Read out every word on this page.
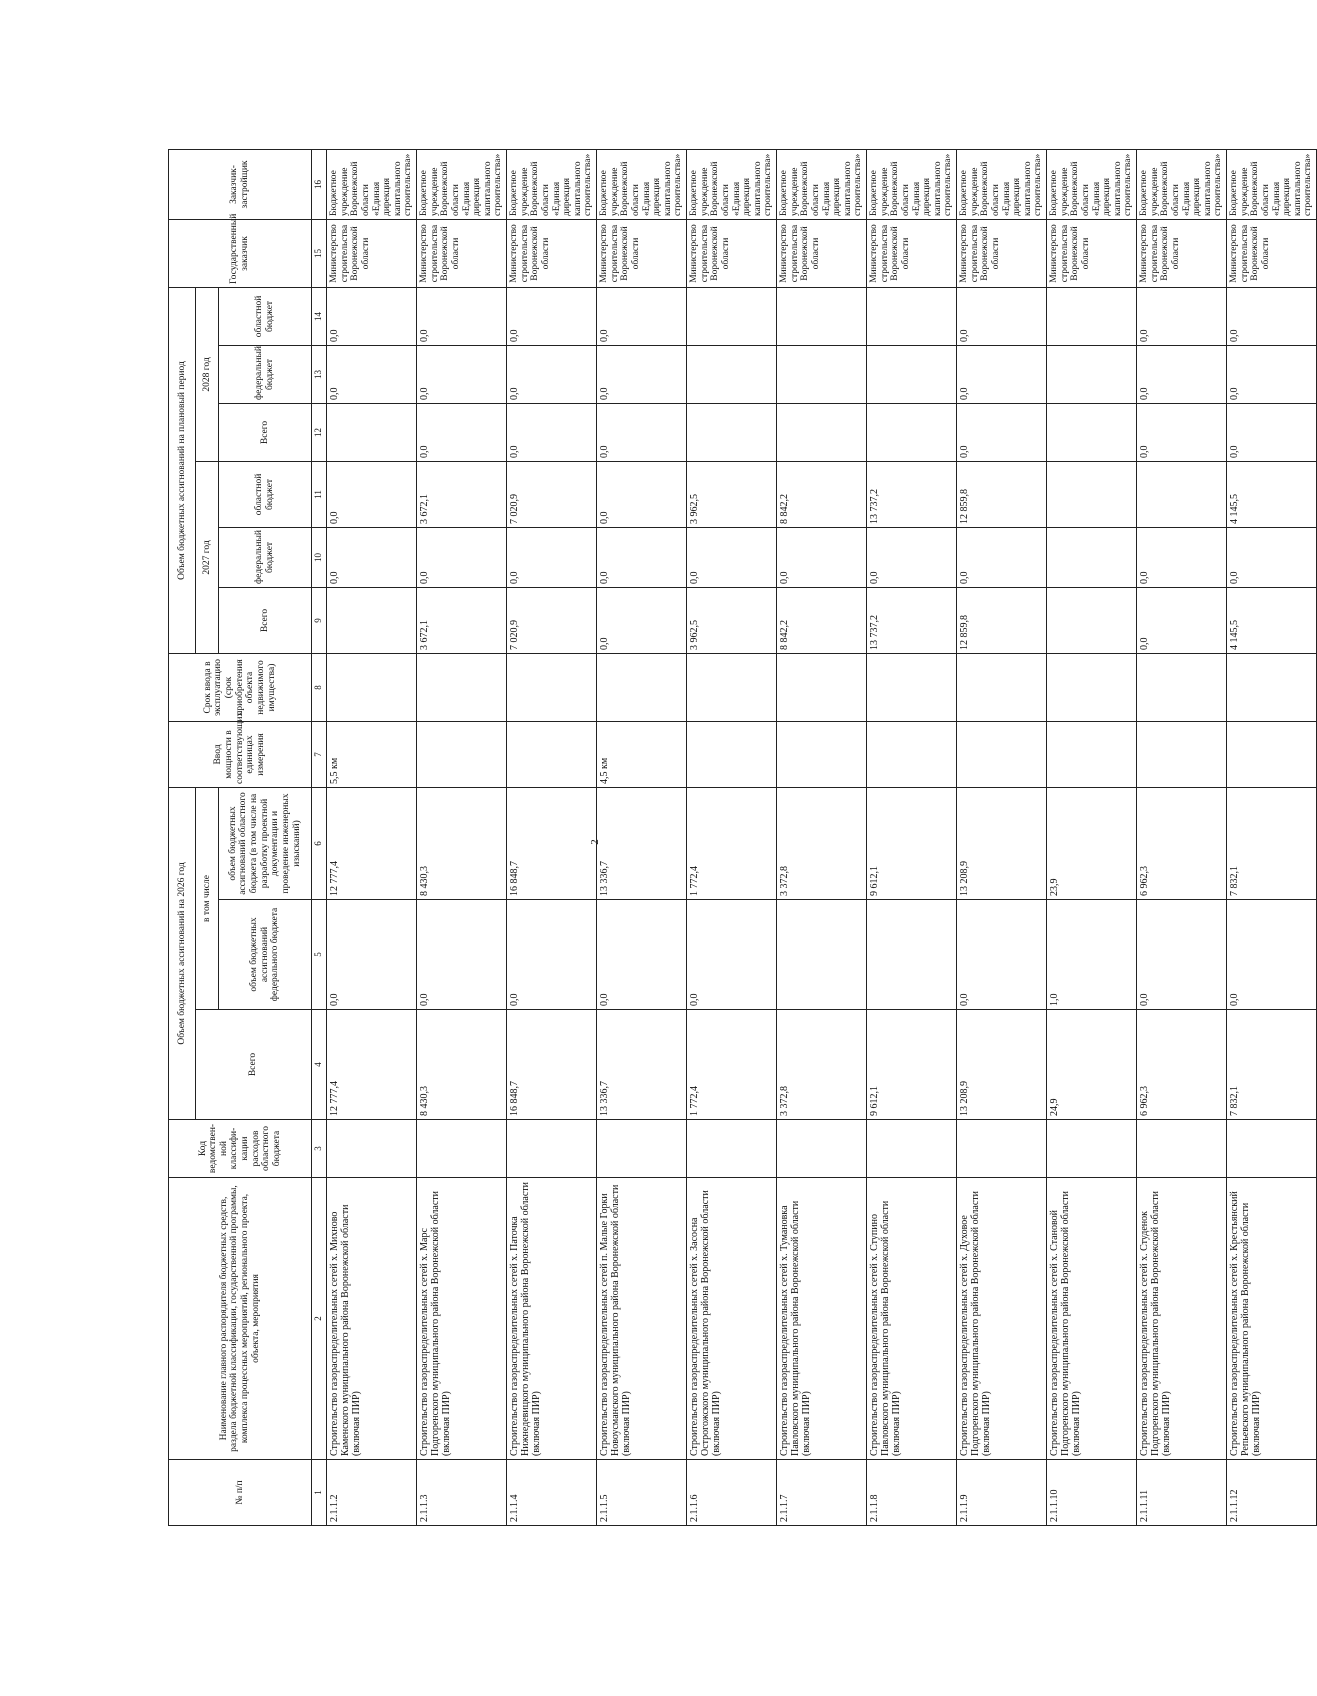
2
№ п/п	Наименование главного распорядителя бюджетных средств, раздела бюджетной классификации, государственной программы, комплекса процессных мероприятий, регионального проекта, объекта, мероприятия	Код ведомствен-ной классифи-кации расходов областного бюджета	Объем бюджетных ассигнований на 2026 год			Ввод мощности в соответствующих единицах измерения	Срок ввода в эксплуатацию (срок приобретения объекта недвижимого имущества)	Объем бюджетных ассигнований на плановый период						Государственный заказчик	Заказчик-застройщик
			Всего	в том числе				2027 год			2028 год				
				объем бюджетных ассигнований федерального бюджета	объем бюджетных ассигнований областного бюджета (в том числе на разработку проектной документации и проведение инженерных изысканий)			Всего	федеральный бюджет	областной бюджет	Всего	федеральный бюджет	областной бюджет		
1	2	3	4	5	6	7	8	9	10	11	12	13	14	15	16
2.1.1.2	Строительство газораспределительных сетей х. Михново Каменского муниципального района Воронежской области (включая ПИР)		12 777,4	0,0	12 777,4	5,5 км			0,0	0,0		0,0	0,0	Министерство строительства Воронежской области	Бюджетное учреждение Воронежской области «Единая дирекция капитального строительства»
2.1.1.3	Строительство газораспределительных сетей х. Марс Подгоренского муниципального района Воронежской области (включая ПИР)		8 430,3	0,0	8 430,3			3 672,1	0,0	3 672,1	0,0	0,0	0,0	Министерство строительства Воронежской области	Бюджетное учреждение Воронежской области «Единая дирекция капитального строительства»
2.1.1.4	Строительство газораспределительных сетей х. Паточка Нижнедевицкого муниципального района Воронежской области (включая ПИР)		16 848,7	0,0	16 848,7			7 020,9	0,0	7 020,9	0,0	0,0	0,0	Министерство строительства Воронежской области	Бюджетное учреждение Воронежской области «Единая дирекция капитального строительства»
2.1.1.5	Строительство газораспределительных сетей п. Малые Горки Новоусманского муниципального района Воронежской области (включая ПИР)		13 336,7	0,0	13 336,7	4,5 км		0,0	0,0	0,0	0,0	0,0	0,0	Министерство строительства Воронежской области	Бюджетное учреждение Воронежской области «Единая дирекция капитального строительства»
2.1.1.6	Строительство газораспределительных сетей х. Засосна Острогожского муниципального района Воронежской области (включая ПИР)		1 772,4	0,0	1 772,4			3 962,5	0,0	3 962,5				Министерство строительства Воронежской области	Бюджетное учреждение Воронежской области «Единая дирекция капитального строительства»
2.1.1.7	Строительство газораспределительных сетей х. Тумановка Павловского муниципального района Воронежской области (включая ПИР)		3 372,8		3 372,8			8 842,2	0,0	8 842,2				Министерство строительства Воронежской области	Бюджетное учреждение Воронежской области «Единая дирекция капитального строительства»
2.1.1.8	Строительство газораспределительных сетей х. Ступино Павловского муниципального района Воронежской области (включая ПИР)		9 612,1		9 612,1			13 737,2	0,0	13 737,2				Министерство строительства Воронежской области	Бюджетное учреждение Воронежской области «Единая дирекция капитального строительства»
2.1.1.9	Строительство газораспределительных сетей х. Духовое Подгоренского муниципального района Воронежской области (включая ПИР)		13 208,9	0,0	13 208,9			12 859,8	0,0	12 859,8	0,0	0,0	0,0	Министерство строительства Воронежской области	Бюджетное учреждение Воронежской области «Единая дирекция капитального строительства»
2.1.1.10	Строительство газораспределительных сетей х. Становой Подгоренского муниципального района Воронежской области (включая ПИР)		24,9	1,0	23,9									Министерство строительства Воронежской области	Бюджетное учреждение Воронежской области «Единая дирекция капитального строительства»
2.1.1.11	Строительство газораспределительных сетей х. Студенок Подгоренского муниципального района Воронежской области (включая ПИР)		6 962,3	0,0	6 962,3			0,0	0,0		0,0	0,0	0,0	Министерство строительства Воронежской области	Бюджетное учреждение Воронежской области «Единая дирекция капитального строительства»
2.1.1.12	Строительство газораспределительных сетей х. Крестьянский Репьевского муниципального района Воронежской области (включая ПИР)		7 832,1	0,0	7 832,1			4 145,5	0,0	4 145,5	0,0	0,0	0,0	Министерство строительства Воронежской области	Бюджетное учреждение Воронежской области «Единая дирекция капитального строительства»
